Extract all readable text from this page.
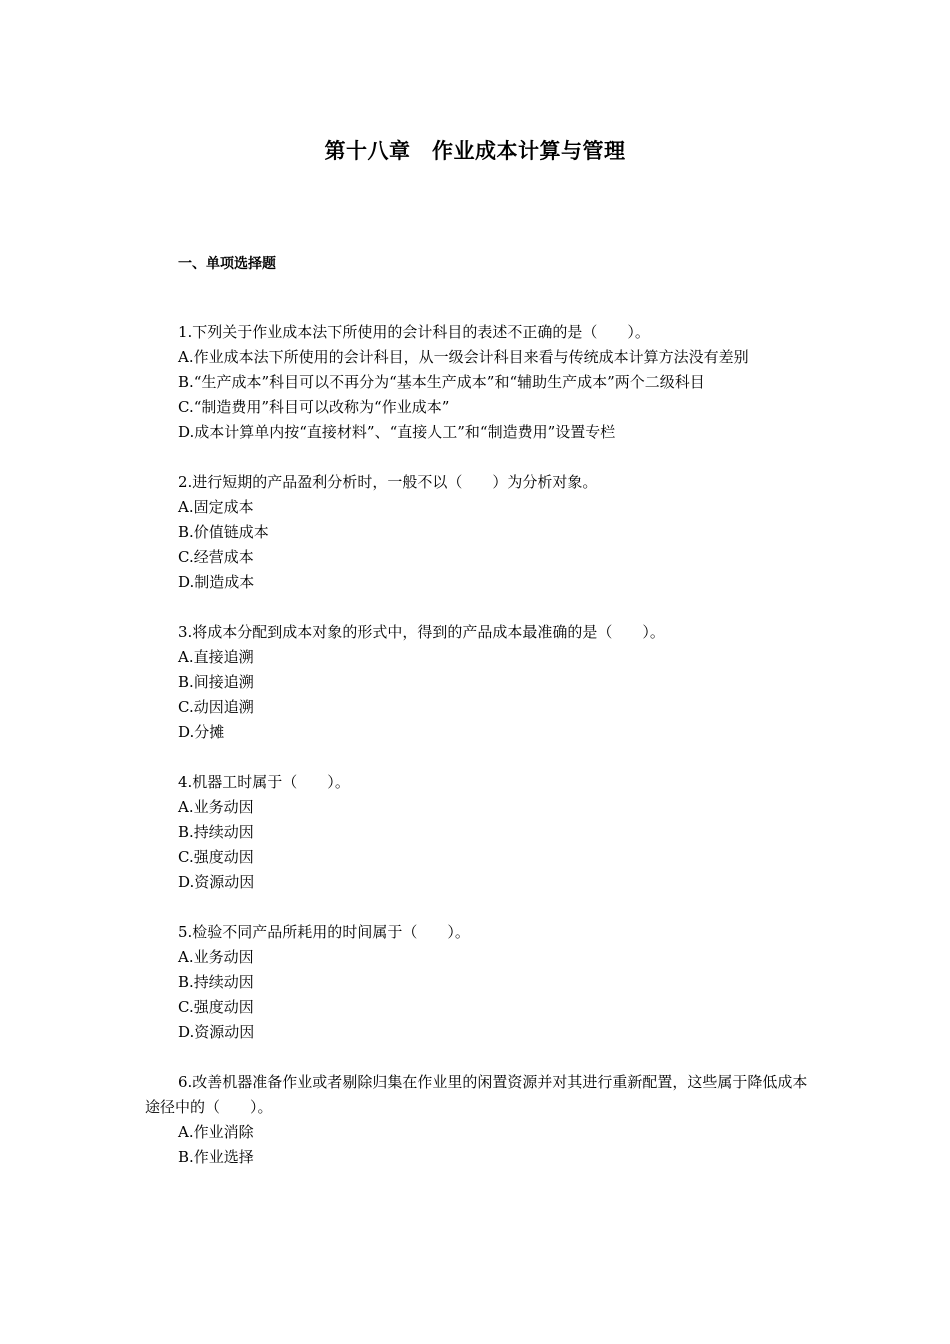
第十八章　作业成本计算与管理
一、单项选择题

1.下列关于作业成本法下所使用的会计科目的表述不正确的是（　　）。

A.作业成本法下所使用的会计科目，从一级会计科目来看与传统成本计算方法没有差别

B.“生产成本”科目可以不再分为“基本生产成本”和“辅助生产成本”两个二级科目

C.“制造费用”科目可以改称为“作业成本”

D.成本计算单内按“直接材料”、“直接人工”和“制造费用”设置专栏

2.进行短期的产品盈利分析时，一般不以（　　）为分析对象。

A.固定成本

B.价值链成本

C.经营成本

D.制造成本

3.将成本分配到成本对象的形式中，得到的产品成本最准确的是（　　）。

A.直接追溯

B.间接追溯

C.动因追溯

D.分摊

4.机器工时属于（　　）。

A.业务动因

B.持续动因

C.强度动因

D.资源动因

5.检验不同产品所耗用的时间属于（　　）。

A.业务动因

B.持续动因

C.强度动因

D.资源动因

6.改善机器准备作业或者剔除归集在作业里的闲置资源并对其进行重新配置，这些属于降低成本途径中的（　　）。

A.作业消除

B.作业选择
